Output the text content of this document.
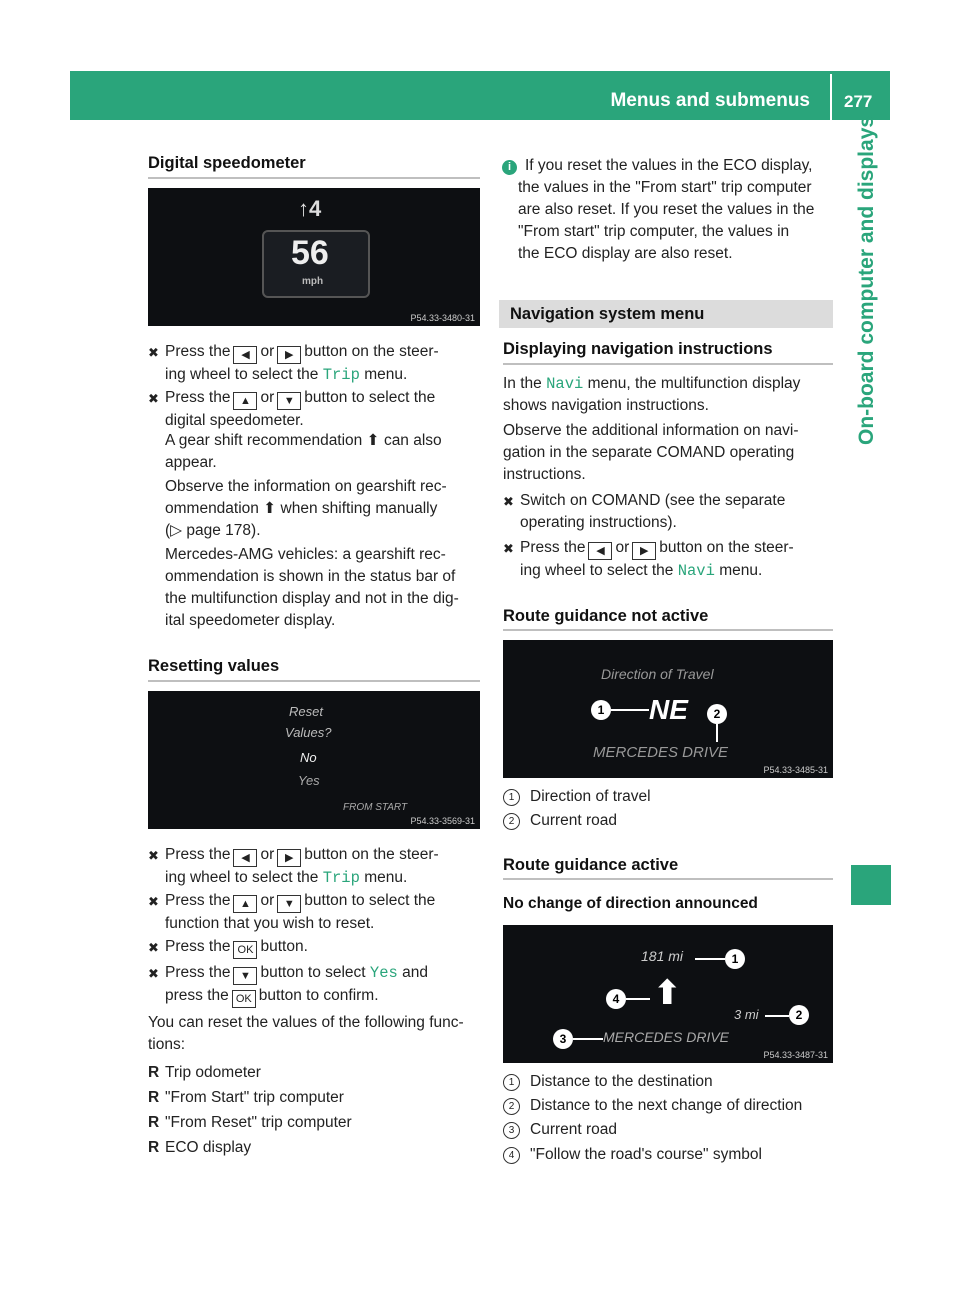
Menus and submenus 277
On-board computer and displays
Digital speedometer
↑4
56
mph
P54.33-3480-31
✖ Press the ◀ or ▶ button on the steer-
ing wheel to select the Trip menu.
✖ Press the ▲ or ▼ button to select the
digital speedometer.
A gear shift recommendation ⬆ can also
appear.
Observe the information on gearshift rec-
ommendation ⬆ when shifting manually
(▷ page 178).
Mercedes-AMG vehicles: a gearshift rec-
ommendation is shown in the status bar of
the multifunction display and not in the dig-
ital speedometer display.
Resetting values
Reset
Values?
No
Yes
FROM START
P54.33-3569-31
✖ Press the ◀ or ▶ button on the steer-
ing wheel to select the Trip menu.
✖ Press the ▲ or ▼ button to select the
function that you wish to reset.
✖ Press the OK button.
✖ Press the ▼ button to select Yes and
press the OK button to confirm.
You can reset the values of the following func-
tions:
R Trip odometer
R "From Start" trip computer
R "From Reset" trip computer
R ECO display
i If you reset the values in the ECO display,
the values in the "From start" trip computer
are also reset. If you reset the values in the
"From start" trip computer, the values in
the ECO display are also reset.
Navigation system menu
Displaying navigation instructions
In the Navi menu, the multifunction display
shows navigation instructions.
Observe the additional information on navi-
gation in the separate COMAND operating
instructions.
✖ Switch on COMAND (see the separate
operating instructions).
✖ Press the ◀ or ▶ button on the steer-
ing wheel to select the Navi menu.
Route guidance not active
Direction of Travel
1 NE	2
MERCEDES DRIVE
P54.33-3485-31
1 Direction of travel
2 Current road
Route guidance active
No change of direction announced
181 mi	1
4 ⬆
3 mi	2
3	MERCEDES DRIVE
P54.33-3487-31
1 Distance to the destination
2 Distance to the next change of direction
3 Current road
4 "Follow the road's course" symbol
